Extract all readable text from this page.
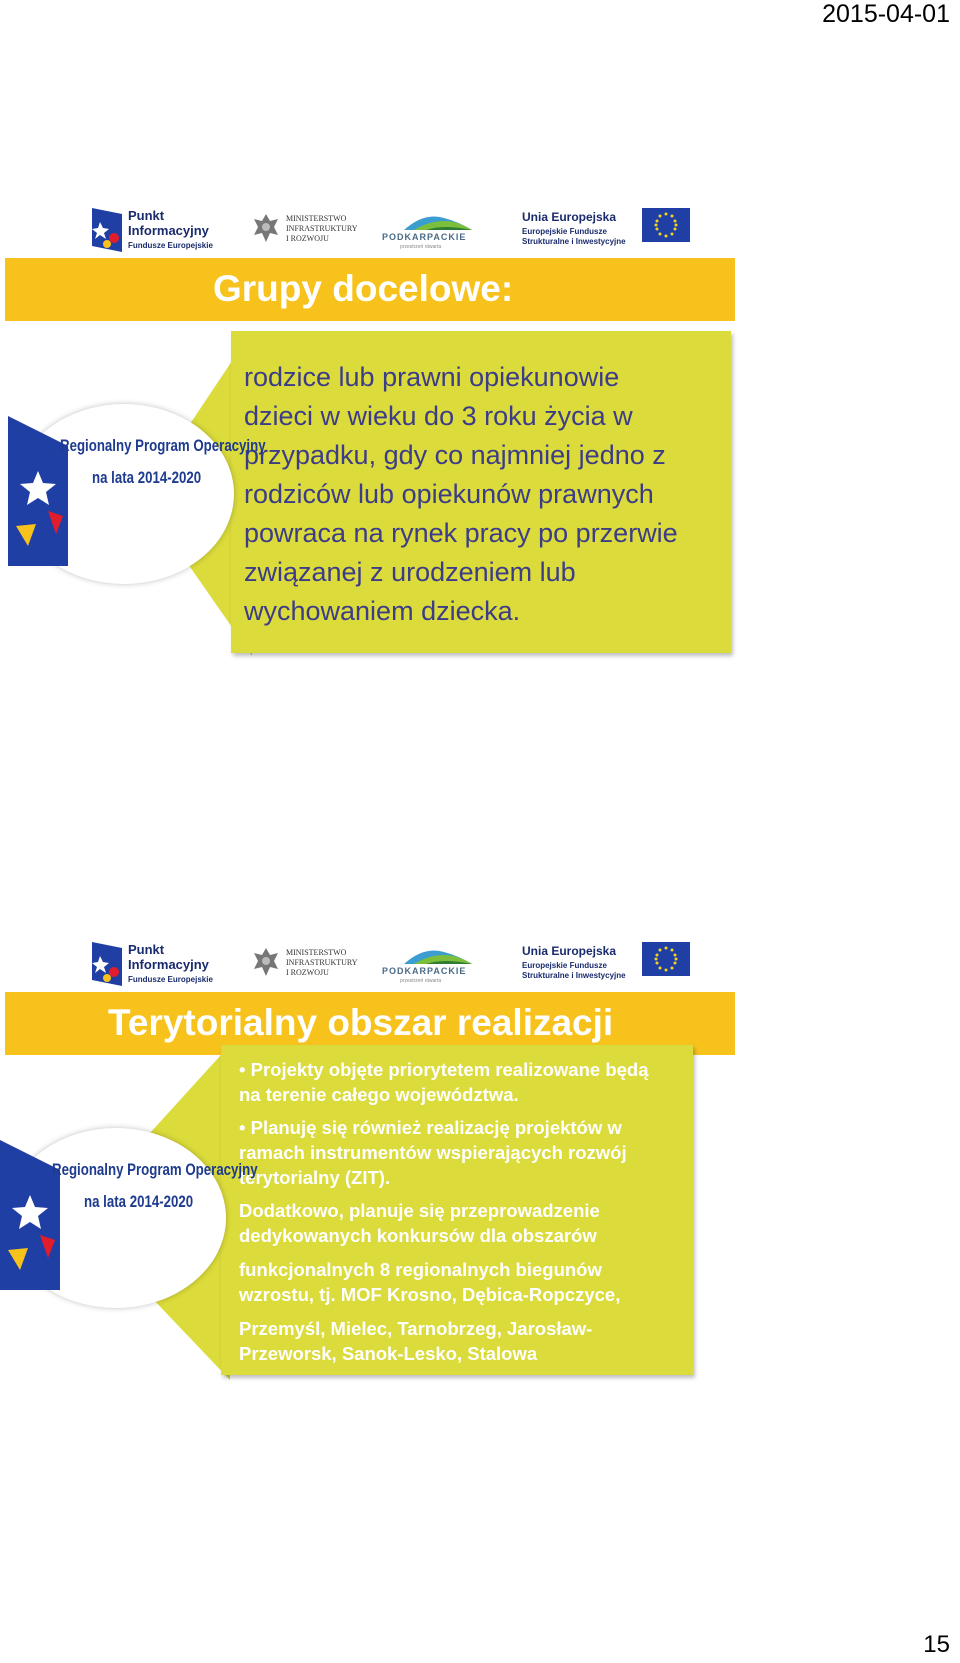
2015-04-01
Punkt
Informacyjny
Fundusze Europejskie
MINISTERSTWO
INFRASTRUKTURY
I ROZWOJU	PODKARPACKIE
przestrzeń otwarta
Unia Europejska
Europejskie Fundusze
Strukturalne i Inwestycyjne
Grupy docelowe:
rodzice lub prawni opiekunowie
dzieci w wieku do 3 roku życia w
przypadku, gdy co najmniej jedno z
rodziców lub opiekunów prawnych
powraca na rynek pracy po przerwie
związanej z urodzeniem lub
wychowaniem dziecka.
Regionalny Program Operacyjny
na lata 2014-2020
Punkt
Informacyjny
Fundusze Europejskie
MINISTERSTWO
INFRASTRUKTURY
I ROZWOJU	PODKARPACKIE
przestrzeń otwarta
Unia Europejska
Europejskie Fundusze
Strukturalne i Inwestycyjne
Terytorialny obszar realizacji
• Projekty objęte priorytetem realizowane będą
na terenie całego województwa.
• Planuję się również realizację projektów w
ramach instrumentów wspierających rozwój
terytorialny (ZIT).
Dodatkowo, planuje się przeprowadzenie
dedykowanych konkursów dla obszarów
funkcjonalnych 8 regionalnych biegunów
wzrostu, tj. MOF Krosno, Dębica-Ropczyce,
Przemyśl, Mielec, Tarnobrzeg, Jarosław-
Przeworsk, Sanok-Lesko, Stalowa
Regionalny Program Operacyjny
na lata 2014-2020
15
